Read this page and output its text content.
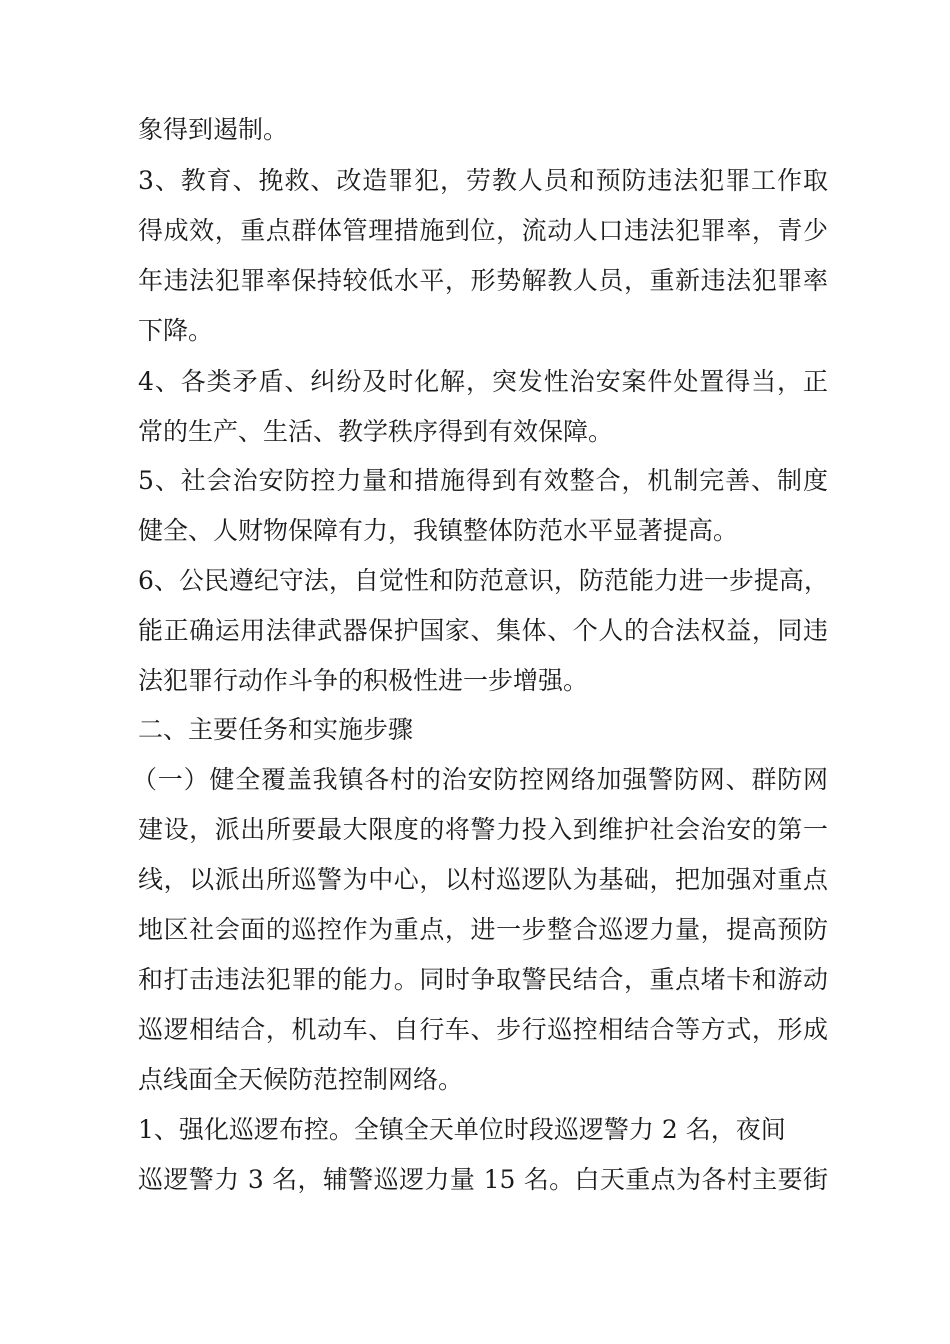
象得到遏制。
3、教育、挽救、改造罪犯，劳教人员和预防违法犯罪工作取
得成效，重点群体管理措施到位，流动人口违法犯罪率，青少
年违法犯罪率保持较低水平，形势解教人员，重新违法犯罪率
下降。
4、各类矛盾、纠纷及时化解，突发性治安案件处置得当，正
常的生产、生活、教学秩序得到有效保障。
5、社会治安防控力量和措施得到有效整合，机制完善、制度
健全、人财物保障有力，我镇整体防范水平显著提高。
6、公民遵纪守法，自觉性和防范意识，防范能力进一步提高，
能正确运用法律武器保护国家、集体、个人的合法权益，同违
法犯罪行动作斗争的积极性进一步增强。
二、主要任务和实施步骤
（一）健全覆盖我镇各村的治安防控网络加强警防网、群防网
建设，派出所要最大限度的将警力投入到维护社会治安的第一
线，以派出所巡警为中心，以村巡逻队为基础，把加强对重点
地区社会面的巡控作为重点，进一步整合巡逻力量，提高预防
和打击违法犯罪的能力。同时争取警民结合，重点堵卡和游动
巡逻相结合，机动车、自行车、步行巡控相结合等方式，形成
点线面全天候防范控制网络。
1、强化巡逻布控。全镇全天单位时段巡逻警力 2 名，夜间
巡逻警力 3 名，辅警巡逻力量 15 名。白天重点为各村主要街
